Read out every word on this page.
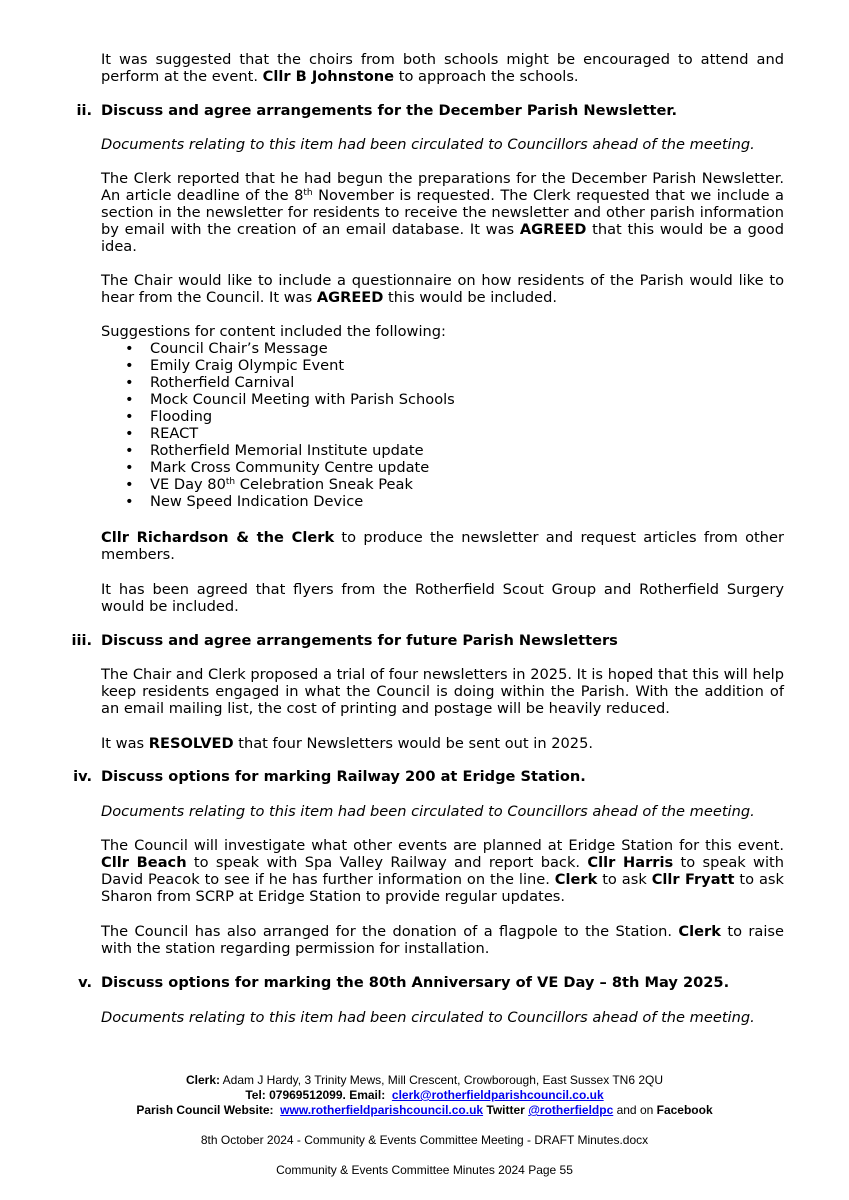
It was suggested that the choirs from both schools might be encouraged to attend and perform at the event. Cllr B Johnstone to approach the schools.
ii. Discuss and agree arrangements for the December Parish Newsletter.
Documents relating to this item had been circulated to Councillors ahead of the meeting.
The Clerk reported that he had begun the preparations for the December Parish Newsletter. An article deadline of the 8th November is requested. The Clerk requested that we include a section in the newsletter for residents to receive the newsletter and other parish information by email with the creation of an email database. It was AGREED that this would be a good idea.
The Chair would like to include a questionnaire on how residents of the Parish would like to hear from the Council. It was AGREED this would be included.
Suggestions for content included the following:
• Council Chair’s Message
• Emily Craig Olympic Event
• Rotherfield Carnival
• Mock Council Meeting with Parish Schools
• Flooding
• REACT
• Rotherfield Memorial Institute update
• Mark Cross Community Centre update
• VE Day 80th Celebration Sneak Peak
• New Speed Indication Device
Cllr Richardson & the Clerk to produce the newsletter and request articles from other members.
It has been agreed that flyers from the Rotherfield Scout Group and Rotherfield Surgery would be included.
iii. Discuss and agree arrangements for future Parish Newsletters
The Chair and Clerk proposed a trial of four newsletters in 2025. It is hoped that this will help keep residents engaged in what the Council is doing within the Parish. With the addition of an email mailing list, the cost of printing and postage will be heavily reduced.
It was RESOLVED that four Newsletters would be sent out in 2025.
iv. Discuss options for marking Railway 200 at Eridge Station.
Documents relating to this item had been circulated to Councillors ahead of the meeting.
The Council will investigate what other events are planned at Eridge Station for this event. Cllr Beach to speak with Spa Valley Railway and report back. Cllr Harris to speak with David Peacok to see if he has further information on the line. Clerk to ask Cllr Fryatt to ask Sharon from SCRP at Eridge Station to provide regular updates.
The Council has also arranged for the donation of a flagpole to the Station. Clerk to raise with the station regarding permission for installation.
v. Discuss options for marking the 80th Anniversary of VE Day – 8th May 2025.
Documents relating to this item had been circulated to Councillors ahead of the meeting.
Clerk: Adam J Hardy, 3 Trinity Mews, Mill Crescent, Crowborough, East Sussex TN6 2QU
Tel: 07969512099. Email: clerk@rotherfieldparishcouncil.co.uk
Parish Council Website: www.rotherfieldparishcouncil.co.uk Twitter @rotherfieldpc and on Facebook
8th October 2024 - Community & Events Committee Meeting - DRAFT Minutes.docx
Community & Events Committee Minutes 2024 Page 55
